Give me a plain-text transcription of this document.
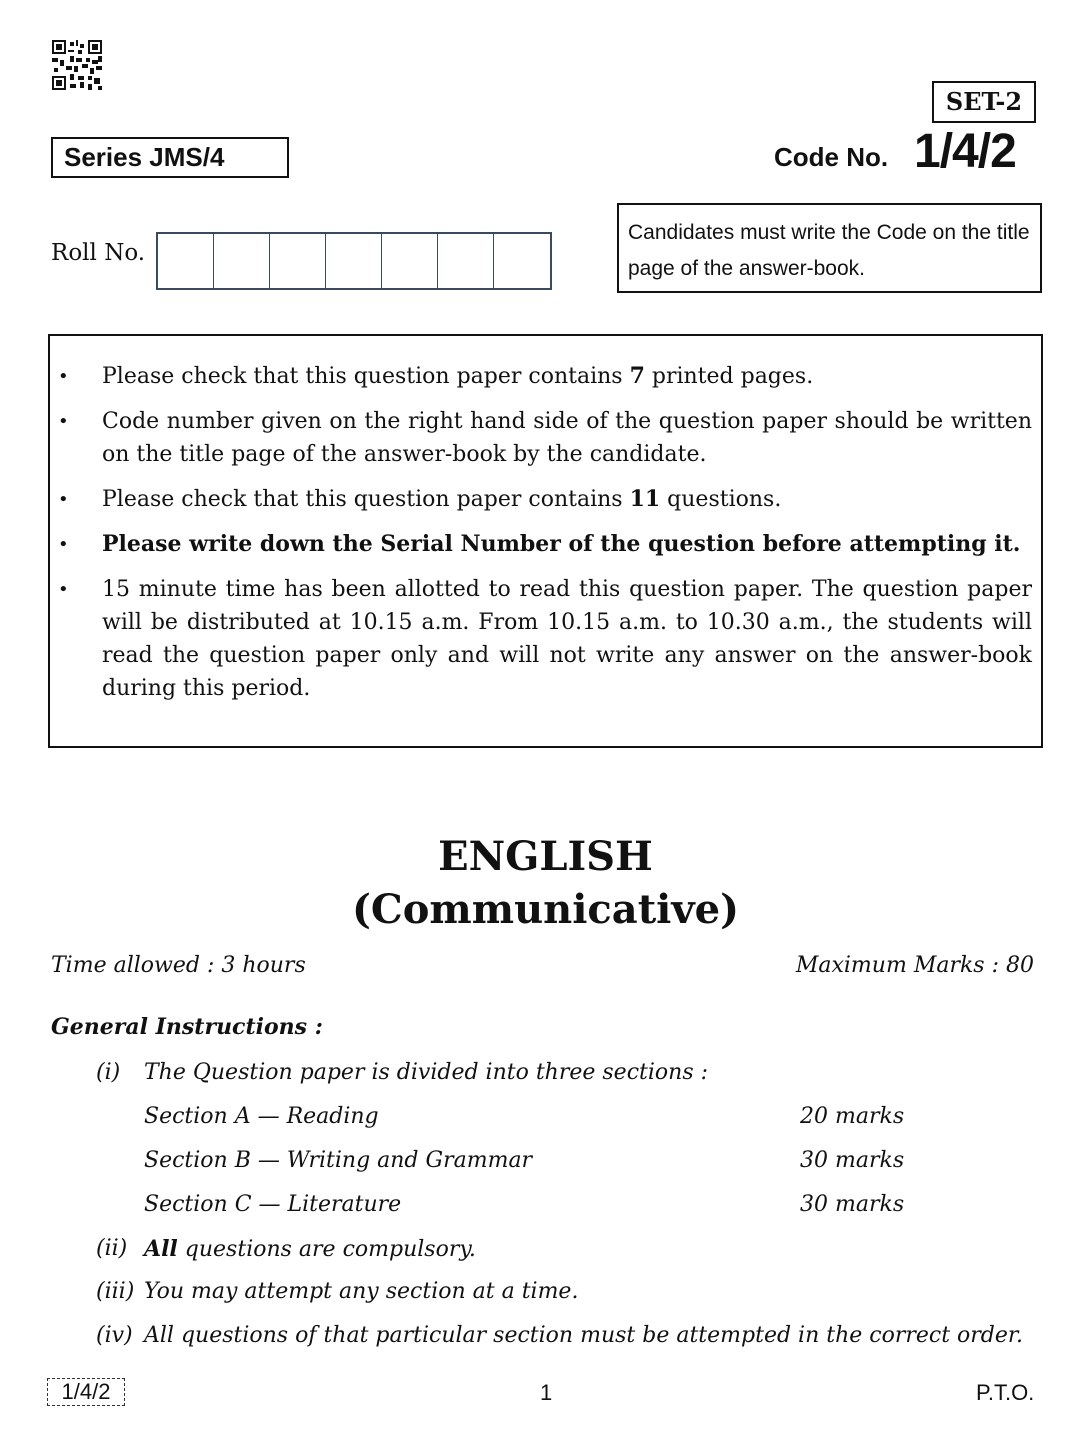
SET-2
Series JMS/4	Code No. 1/4/2
Roll No.
Candidates must write the Code on the title page of the answer-book.
• Please check that this question paper contains 7 printed pages.
• Code number given on the right hand side of the question paper should be written on the title page of the answer-book by the candidate.
• Please check that this question paper contains 11 questions.
• Please write down the Serial Number of the question before attempting it.
• 15 minute time has been allotted to read this question paper. The question paper will be distributed at 10.15 a.m. From 10.15 a.m. to 10.30 a.m., the students will read the question paper only and will not write any answer on the answer-book during this period.
ENGLISH
(Communicative)
Time allowed : 3 hours	Maximum Marks : 80
General Instructions :
(i) The Question paper is divided into three sections :
Section A — Reading	20 marks
Section B — Writing and Grammar	30 marks
Section C — Literature	30 marks
(ii) All questions are compulsory.
(iii) You may attempt any section at a time.
(iv) All questions of that particular section must be attempted in the correct order.
1/4/2	1	P.T.O.
